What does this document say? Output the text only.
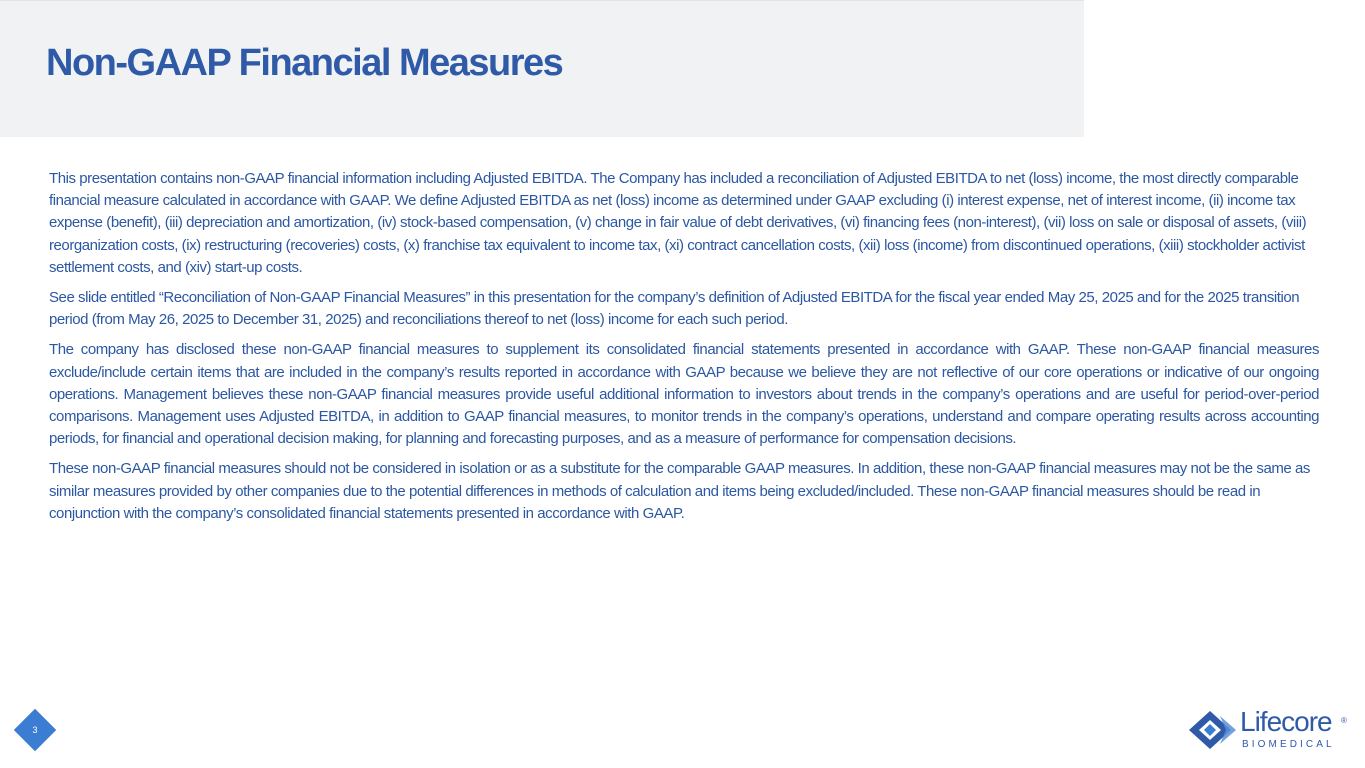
Non-GAAP Financial Measures

This presentation contains non-GAAP financial information including Adjusted EBITDA. The Company has included a reconciliation of Adjusted EBITDA to net (loss) income, the most directly comparable financial measure calculated in accordance with GAAP. We define Adjusted EBITDA as net (loss) income as determined under GAAP excluding (i) interest expense, net of interest income, (ii) income tax expense (benefit), (iii) depreciation and amortization, (iv) stock-based compensation, (v) change in fair value of debt derivatives, (vi) financing fees (non-interest), (vii) loss on sale or disposal of assets, (viii) reorganization costs, (ix) restructuring (recoveries) costs, (x) franchise tax equivalent to income tax, (xi) contract cancellation costs, (xii) loss (income) from discontinued operations, (xiii) stockholder activist settlement costs, and (xiv) start-up costs.

See slide entitled “Reconciliation of Non-GAAP Financial Measures” in this presentation for the company’s definition of Adjusted EBITDA for the fiscal year ended May 25, 2025 and for the 2025 transition period (from May 26, 2025 to December 31, 2025) and reconciliations thereof to net (loss) income for each such period.

The company has disclosed these non-GAAP financial measures to supplement its consolidated financial statements presented in accordance with GAAP. These non-GAAP financial measures exclude/include certain items that are included in the company’s results reported in accordance with GAAP because we believe they are not reflective of our core operations or indicative of our ongoing operations. Management believes these non-GAAP financial measures provide useful additional information to investors about trends in the company’s operations and are useful for period-over-period comparisons. Management uses Adjusted EBITDA, in addition to GAAP financial measures, to monitor trends in the company’s operations, understand and compare operating results across accounting periods, for financial and operational decision making, for planning and forecasting purposes, and as a measure of performance for compensation decisions.

These non-GAAP financial measures should not be considered in isolation or as a substitute for the comparable GAAP measures. In addition, these non-GAAP financial measures may not be the same as similar measures provided by other companies due to the potential differences in methods of calculation and items being excluded/included. These non-GAAP financial measures should be read in conjunction with the company’s consolidated financial statements presented in accordance with GAAP.

3	Lifecore ®
BIOMEDICAL
